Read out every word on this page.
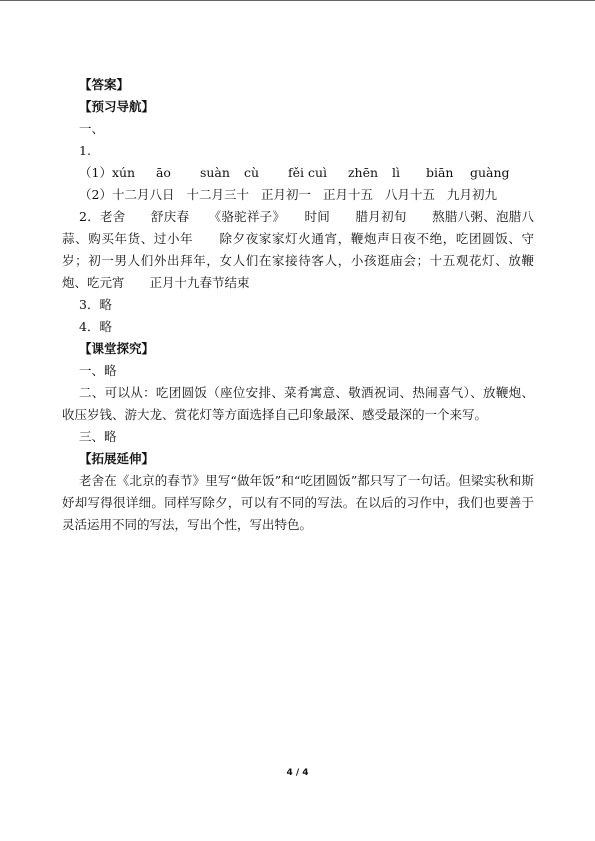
【答案】
【预习导航】
一、
1.
（1）xún āo suàn cù fěi cuì zhēn lì biān guàng
（2）十二月八日 十二月三十 正月初一 正月十五 八月十五 九月初九
2．老舍　　舒庆春　　《骆驼祥子》　　时间　　腊月初旬　　熬腊八粥、泡腊八蒜、购买年货、过小年　　除夕夜家家灯火通宵，鞭炮声日夜不绝，吃团圆饭、守岁；初一男人们外出拜年，女人们在家接待客人，小孩逛庙会；十五观花灯、放鞭炮、吃元宵　　正月十九春节结束
3．略
4．略
【课堂探究】
一、略
二、可以从：吃团圆饭（座位安排、菜肴寓意、敬酒祝词、热闹喜气）、放鞭炮、收压岁钱、游大龙、赏花灯等方面选择自己印象最深、感受最深的一个来写。
三、略
【拓展延伸】
老舍在《北京的春节》里写“做年饭”和“吃团圆饭”都只写了一句话。但梁实秋和斯妤却写得很详细。同样写除夕，可以有不同的写法。在以后的习作中，我们也要善于灵活运用不同的写法，写出个性，写出特色。
4 / 4
